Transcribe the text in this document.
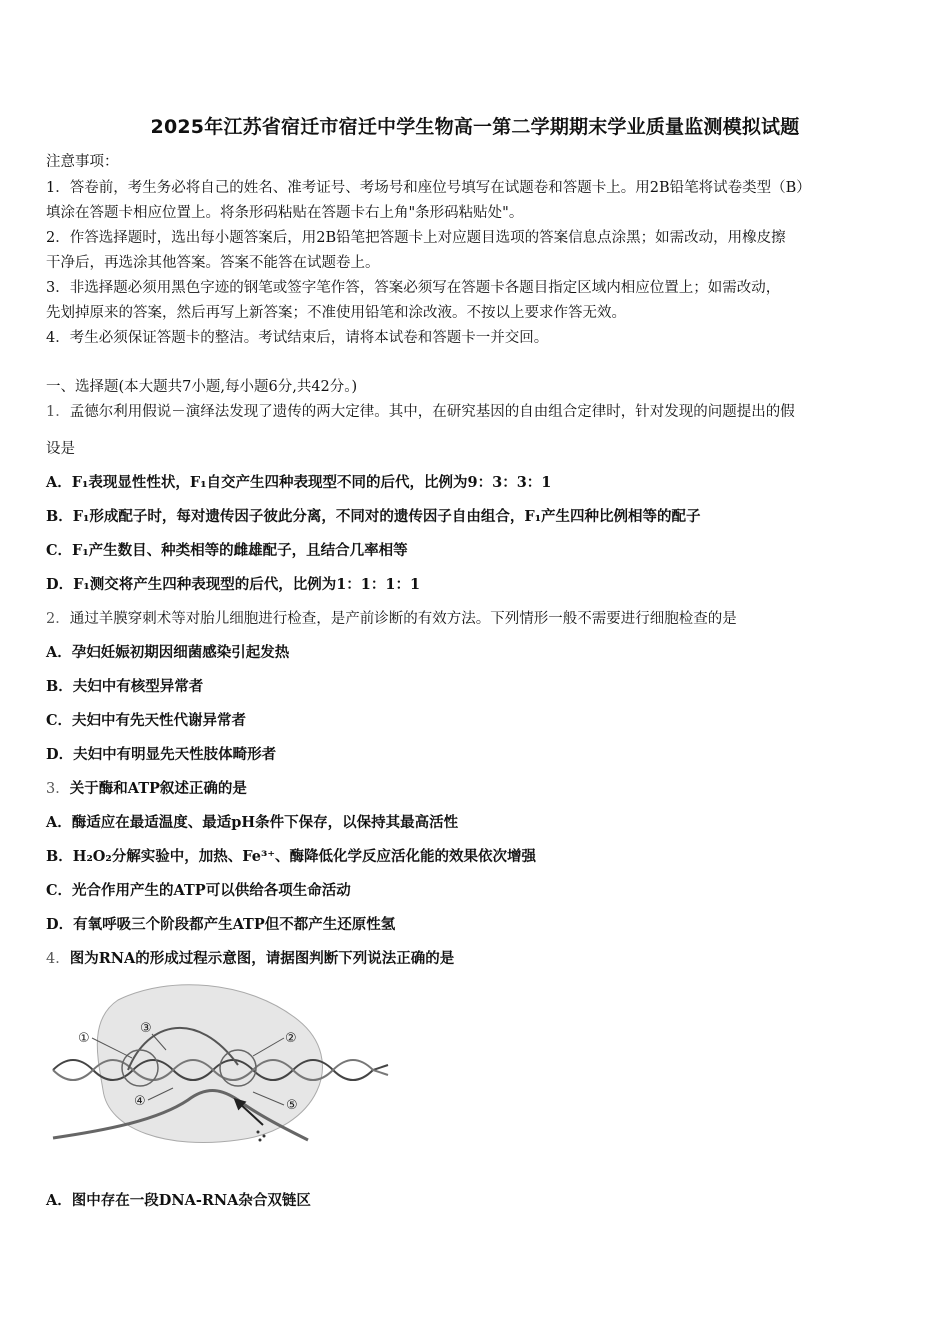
2025年江苏省宿迁市宿迁中学生物高一第二学期期末学业质量监测模拟试题
注意事项：
1．答卷前，考生务必将自己的姓名、准考证号、考场号和座位号填写在试题卷和答题卡上。用2B铅笔将试卷类型（B）
填涂在答题卡相应位置上。将条形码粘贴在答题卡右上角"条形码粘贴处"。
2．作答选择题时，选出每小题答案后，用2B铅笔把答题卡上对应题目选项的答案信息点涂黑；如需改动，用橡皮擦
干净后，再选涂其他答案。答案不能答在试题卷上。
3．非选择题必须用黑色字迹的钢笔或签字笔作答，答案必须写在答题卡各题目指定区域内相应位置上；如需改动，
先划掉原来的答案，然后再写上新答案；不准使用铅笔和涂改液。不按以上要求作答无效。
4．考生必须保证答题卡的整洁。考试结束后，请将本试卷和答题卡一并交回。
一、选择题(本大题共7小题,每小题6分,共42分。)
1．孟德尔利用假说－演绎法发现了遗传的两大定律。其中，在研究基因的自由组合定律时，针对发现的问题提出的假
设是
A．F₁表现显性性状，F₁自交产生四种表现型不同的后代，比例为9：3：3：1
B．F₁形成配子时，每对遗传因子彼此分离，不同对的遗传因子自由组合，F₁产生四种比例相等的配子
C．F₁产生数目、种类相等的雌雄配子，且结合几率相等
D．F₁测交将产生四种表现型的后代，比例为1：1：1：1
2．通过羊膜穿刺术等对胎儿细胞进行检查，是产前诊断的有效方法。下列情形一般不需要进行细胞检查的是
A．孕妇妊娠初期因细菌感染引起发热
B．夫妇中有核型异常者
C．夫妇中有先天性代谢异常者
D．夫妇中有明显先天性肢体畸形者
3．关于酶和ATP叙述正确的是
A．酶适应在最适温度、最适pH条件下保存，以保持其最高活性
B．H₂O₂分解实验中，加热、Fe³⁺、酶降低化学反应活化能的效果依次增强
C．光合作用产生的ATP可以供给各项生命活动
D．有氧呼吸三个阶段都产生ATP但不都产生还原性氢
4．图为RNA的形成过程示意图，请据图判断下列说法正确的是
①
③
②
④	⑤
A．图中存在一段DNA-RNA杂合双链区
